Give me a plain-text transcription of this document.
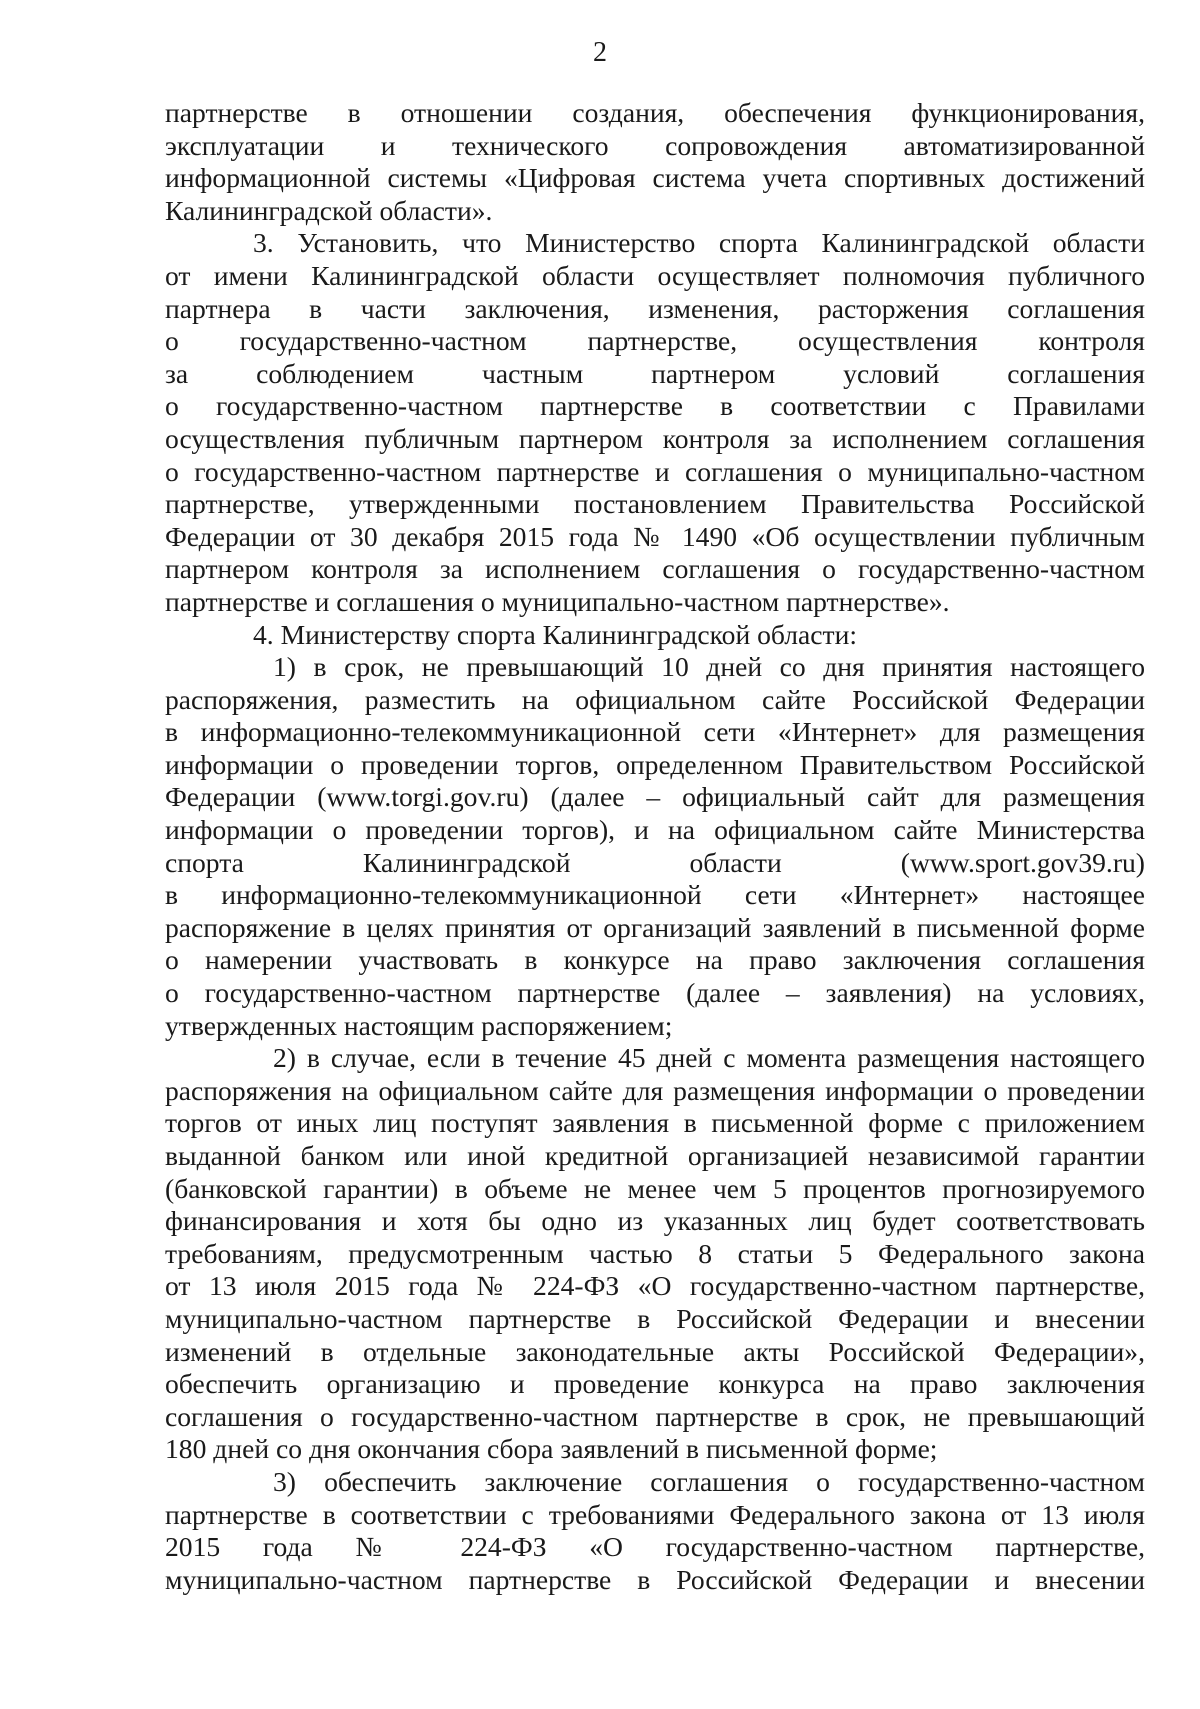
2
партнерстве в отношении создания, обеспечения функционирования,
эксплуатации и технического сопровождения автоматизированной
информационной системы «Цифровая система учета спортивных достижений
Калининградской области».
3. Установить, что Министерство спорта Калининградской области
от имени Калининградской области осуществляет полномочия публичного
партнера в части заключения, изменения, расторжения соглашения
о государственно-частном партнерстве, осуществления контроля
за соблюдением частным партнером условий соглашения
о государственно-частном партнерстве в соответствии с Правилами
осуществления публичным партнером контроля за исполнением соглашения
о государственно-частном партнерстве и соглашения о муниципально-частном
партнерстве, утвержденными постановлением Правительства Российской
Федерации от 30 декабря 2015 года № 1490 «Об осуществлении публичным
партнером контроля за исполнением соглашения о государственно-частном
партнерстве и соглашения о муниципально-частном партнерстве».
4. Министерству спорта Калининградской области:
1) в срок, не превышающий 10 дней со дня принятия настоящего
распоряжения, разместить на официальном сайте Российской Федерации
в информационно-телекоммуникационной сети «Интернет» для размещения
информации о проведении торгов, определенном Правительством Российской
Федерации (www.torgi.gov.ru) (далее – официальный сайт для размещения
информации о проведении торгов), и на официальном сайте Министерства
спорта Калининградской области (www.sport.gov39.ru)
в информационно-телекоммуникационной сети «Интернет» настоящее
распоряжение в целях принятия от организаций заявлений в письменной форме
о намерении участвовать в конкурсе на право заключения соглашения
о государственно-частном партнерстве (далее – заявления) на условиях,
утвержденных настоящим распоряжением;
2) в случае, если в течение 45 дней с момента размещения настоящего
распоряжения на официальном сайте для размещения информации о проведении
торгов от иных лиц поступят заявления в письменной форме с приложением
выданной банком или иной кредитной организацией независимой гарантии
(банковской гарантии) в объеме не менее чем 5 процентов прогнозируемого
финансирования и хотя бы одно из указанных лиц будет соответствовать
требованиям, предусмотренным частью 8 статьи 5 Федерального закона
от 13 июля 2015 года № 224-ФЗ «О государственно-частном партнерстве,
муниципально-частном партнерстве в Российской Федерации и внесении
изменений в отдельные законодательные акты Российской Федерации»,
обеспечить организацию и проведение конкурса на право заключения
соглашения о государственно-частном партнерстве в срок, не превышающий
180 дней со дня окончания сбора заявлений в письменной форме;
3) обеспечить заключение соглашения о государственно-частном
партнерстве в соответствии с требованиями Федерального закона от 13 июля
2015 года № 224-ФЗ «О государственно-частном партнерстве,
муниципально-частном партнерстве в Российской Федерации и внесении
